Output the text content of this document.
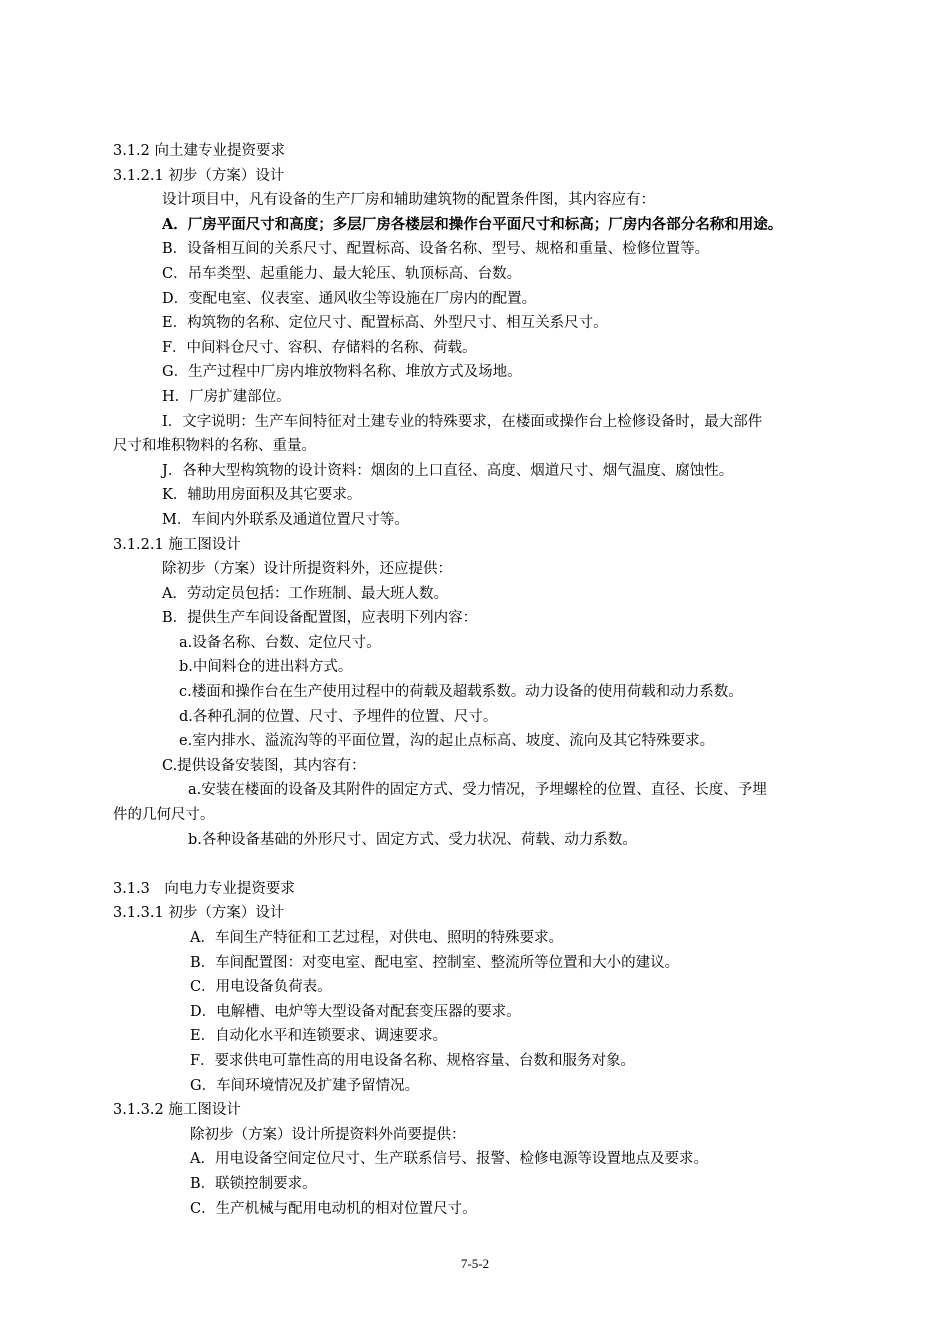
3.1.2 向土建专业提资要求
3.1.2.1 初步（方案）设计
设计项目中，凡有设备的生产厂房和辅助建筑物的配置条件图，其内容应有：
A．厂房平面尺寸和高度；多层厂房各楼层和操作台平面尺寸和标高；厂房内各部分名称和用途。
B．设备相互间的关系尺寸、配置标高、设备名称、型号、规格和重量、检修位置等。
C．吊车类型、起重能力、最大轮压、轨顶标高、台数。
D．变配电室、仪表室、通风收尘等设施在厂房内的配置。
E．构筑物的名称、定位尺寸、配置标高、外型尺寸、相互关系尺寸。
F．中间料仓尺寸、容积、存储料的名称、荷载。
G．生产过程中厂房内堆放物料名称、堆放方式及场地。
H．厂房扩建部位。
I．文字说明：生产车间特征对土建专业的特殊要求，在楼面或操作台上检修设备时，最大部件
尺寸和堆积物料的名称、重量。
J．各种大型构筑物的设计资料：烟囱的上口直径、高度、烟道尺寸、烟气温度、腐蚀性。
K．辅助用房面积及其它要求。
M．车间内外联系及通道位置尺寸等。
3.1.2.1 施工图设计
除初步（方案）设计所提资料外，还应提供：
A．劳动定员包括：工作班制、最大班人数。
B．提供生产车间设备配置图，应表明下列内容：
a.设备名称、台数、定位尺寸。
b.中间料仓的进出料方式。
c.楼面和操作台在生产使用过程中的荷载及超载系数。动力设备的使用荷载和动力系数。
d.各种孔洞的位置、尺寸、予埋件的位置、尺寸。
e.室内排水、溢流沟等的平面位置，沟的起止点标高、坡度、流向及其它特殊要求。
C.提供设备安装图，其内容有：
a.安装在楼面的设备及其附件的固定方式、受力情况，予埋螺栓的位置、直径、长度、予埋
件的几何尺寸。
b.各种设备基础的外形尺寸、固定方式、受力状况、荷载、动力系数。
3.1.3　向电力专业提资要求
3.1.3.1 初步（方案）设计
A．车间生产特征和工艺过程，对供电、照明的特殊要求。
B．车间配置图：对变电室、配电室、控制室、整流所等位置和大小的建议。
C．用电设备负荷表。
D．电解槽、电炉等大型设备对配套变压器的要求。
E．自动化水平和连锁要求、调速要求。
F．要求供电可靠性高的用电设备名称、规格容量、台数和服务对象。
G．车间环境情况及扩建予留情况。
3.1.3.2 施工图设计
除初步（方案）设计所提资料外尚要提供：
A．用电设备空间定位尺寸、生产联系信号、报警、检修电源等设置地点及要求。
B．联锁控制要求。
C．生产机械与配用电动机的相对位置尺寸。
7-5-2
